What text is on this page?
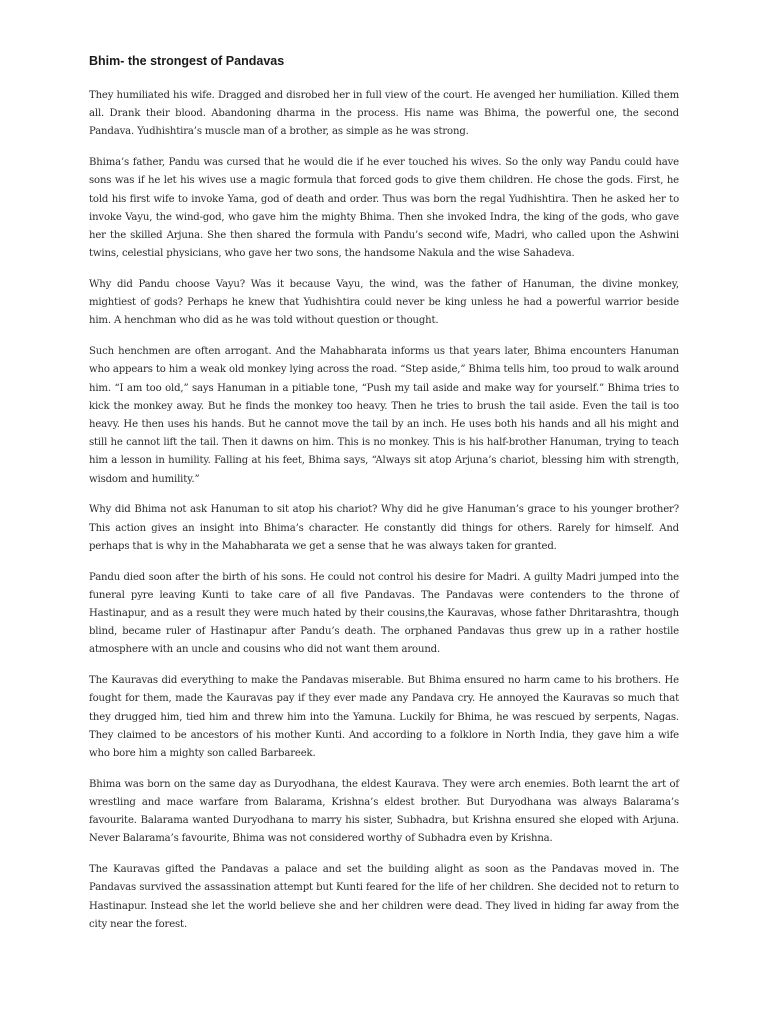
Bhim- the strongest of Pandavas

They humiliated his wife. Dragged and disrobed her in full view of the court. He avenged her humiliation. Killed them all. Drank their blood. Abandoning dharma in the process. His name was Bhima, the powerful one, the second Pandava. Yudhishtira’s muscle man of a brother, as simple as he was strong.

Bhima’s father, Pandu was cursed that he would die if he ever touched his wives. So the only way Pandu could have sons was if he let his wives use a magic formula that forced gods to give them children. He chose the gods. First, he told his first wife to invoke Yama, god of death and order. Thus was born the regal Yudhishtira. Then he asked her to invoke Vayu, the wind-god, who gave him the mighty Bhima. Then she invoked Indra, the king of the gods, who gave her the skilled Arjuna. She then shared the formula with Pandu’s second wife, Madri, who called upon the Ashwini twins, celestial physicians, who gave her two sons, the handsome Nakula and the wise Sahadeva.

Why did Pandu choose Vayu? Was it because Vayu, the wind, was the father of Hanuman, the divine monkey, mightiest of gods? Perhaps he knew that Yudhishtira could never be king unless he had a powerful warrior beside him. A henchman who did as he was told without question or thought.

Such henchmen are often arrogant. And the Mahabharata informs us that years later, Bhima encounters Hanuman who appears to him a weak old monkey lying across the road. “Step aside,” Bhima tells him, too proud to walk around him. “I am too old,” says Hanuman in a pitiable tone, “Push my tail aside and make way for yourself.” Bhima tries to kick the monkey away. But he finds the monkey too heavy. Then he tries to brush the tail aside. Even the tail is too heavy. He then uses his hands. But he cannot move the tail by an inch. He uses both his hands and all his might and still he cannot lift the tail. Then it dawns on him. This is no monkey. This is his half-brother Hanuman, trying to teach him a lesson in humility. Falling at his feet, Bhima says, “Always sit atop Arjuna’s chariot, blessing him with strength, wisdom and humility.”

Why did Bhima not ask Hanuman to sit atop his chariot? Why did he give Hanuman’s grace to his younger brother? This action gives an insight into Bhima’s character. He constantly did things for others. Rarely for himself. And perhaps that is why in the Mahabharata we get a sense that he was always taken for granted.

Pandu died soon after the birth of his sons. He could not control his desire for Madri. A guilty Madri jumped into the funeral pyre leaving Kunti to take care of all five Pandavas. The Pandavas were contenders to the throne of Hastinapur, and as a result they were much hated by their cousins,the Kauravas, whose father Dhritarashtra, though blind, became ruler of Hastinapur after Pandu’s death. The orphaned Pandavas thus grew up in a rather hostile atmosphere with an uncle and cousins who did not want them around.

The Kauravas did everything to make the Pandavas miserable. But Bhima ensured no harm came to his brothers. He fought for them, made the Kauravas pay if they ever made any Pandava cry. He annoyed the Kauravas so much that they drugged him, tied him and threw him into the Yamuna. Luckily for Bhima, he was rescued by serpents, Nagas. They claimed to be ancestors of his mother Kunti. And according to a folklore in North India, they gave him a wife who bore him a mighty son called Barbareek.

Bhima was born on the same day as Duryodhana, the eldest Kaurava. They were arch enemies. Both learnt the art of wrestling and mace warfare from Balarama, Krishna’s eldest brother. But Duryodhana was always Balarama’s favourite. Balarama wanted Duryodhana to marry his sister, Subhadra, but Krishna ensured she eloped with Arjuna. Never Balarama’s favourite, Bhima was not considered worthy of Subhadra even by Krishna.

The Kauravas gifted the Pandavas a palace and set the building alight as soon as the Pandavas moved in. The Pandavas survived the assassination attempt but Kunti feared for the life of her children. She decided not to return to Hastinapur. Instead she let the world believe she and her children were dead. They lived in hiding far away from the city near the forest.
